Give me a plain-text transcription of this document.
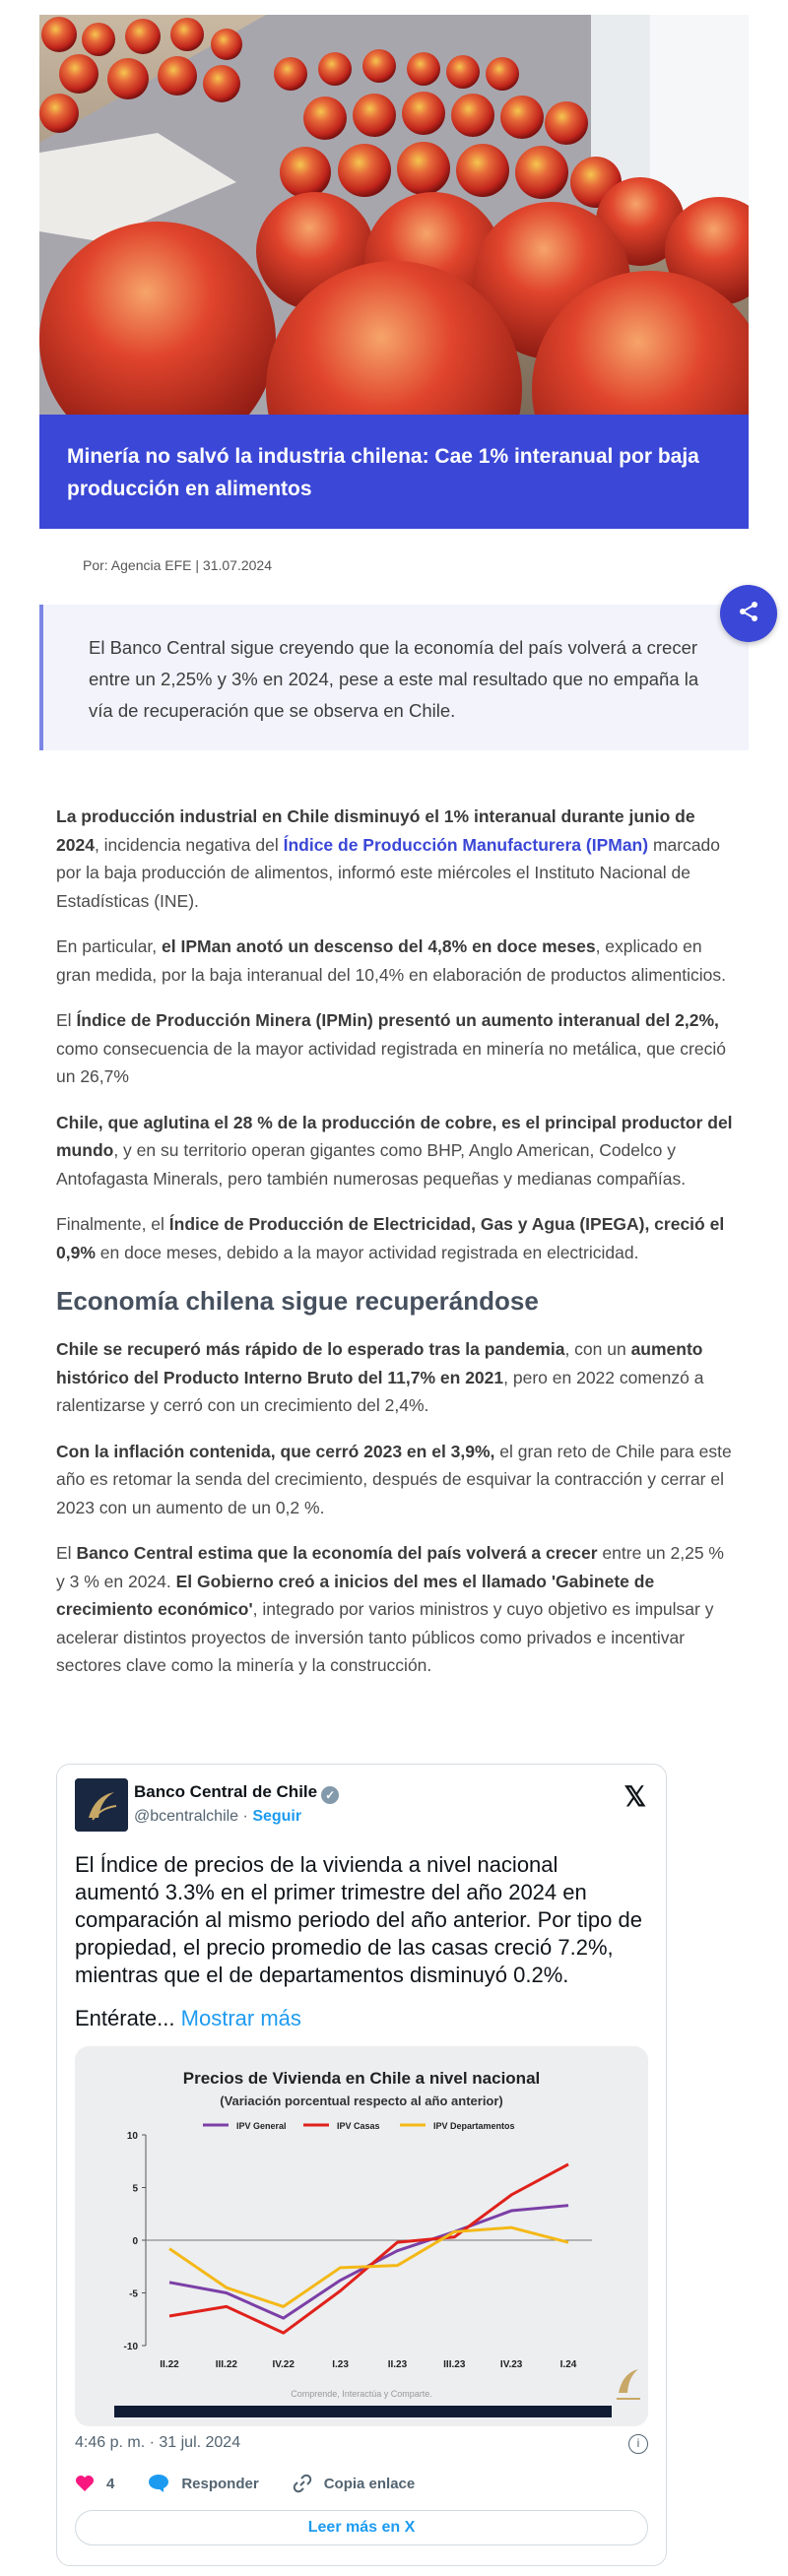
Minería no salvó la industria chilena: Cae 1% interanual por baja producción en alimentos
Por: Agencia EFE | 31.07.2024

El Banco Central sigue creyendo que la economía del país volverá a crecer entre un 2,25% y 3% en 2024, pese a este mal resultado que no empaña la vía de recuperación que se observa en Chile.

La producción industrial en Chile disminuyó el 1% interanual durante junio de 2024, incidencia negativa del Índice de Producción Manufacturera (IPMan) marcado por la baja producción de alimentos, informó este miércoles el Instituto Nacional de Estadísticas (INE).

En particular, el IPMan anotó un descenso del 4,8% en doce meses, explicado en gran medida, por la baja interanual del 10,4% en elaboración de productos alimenticios.

El Índice de Producción Minera (IPMin) presentó un aumento interanual del 2,2%, como consecuencia de la mayor actividad registrada en minería no metálica, que creció un 26,7%

Chile, que aglutina el 28 % de la producción de cobre, es el principal productor del mundo, y en su territorio operan gigantes como BHP, Anglo American, Codelco y Antofagasta Minerals, pero también numerosas pequeñas y medianas compañías.

Finalmente, el Índice de Producción de Electricidad, Gas y Agua (IPEGA), creció el 0,9% en doce meses, debido a la mayor actividad registrada en electricidad.

Economía chilena sigue recuperándose

Chile se recuperó más rápido de lo esperado tras la pandemia, con un aumento histórico del Producto Interno Bruto del 11,7% en 2021, pero en 2022 comenzó a ralentizarse y cerró con un crecimiento del 2,4%.

Con la inflación contenida, que cerró 2023 en el 3,9%, el gran reto de Chile para este año es retomar la senda del crecimiento, después de esquivar la contracción y cerrar el 2023 con un aumento de un 0,2 %.

El Banco Central estima que la economía del país volverá a crecer entre un 2,25 % y 3 % en 2024. El Gobierno creó a inicios del mes el llamado 'Gabinete de crecimiento económico', integrado por varios ministros y cuyo objetivo es impulsar y acelerar distintos proyectos de inversión tanto públicos como privados e incentivar sectores clave como la minería y la construcción.

Banco Central de Chile ✓
@bcentralchile · Seguir
𝕏
El Índice de precios de la vivienda a nivel nacional aumentó 3.3% en el primer trimestre del año 2024 en comparación al mismo periodo del año anterior. Por tipo de propiedad, el precio promedio de las casas creció 7.2%, mientras que el de departamentos disminuyó 0.2%.
Entérate... Mostrar más
Precios de Vivienda en Chile a nivel nacional
(Variación porcentual respecto al año anterior)
IPV General	IPV Casas	IPV Departamentos
10
5
0
-5
-10
II.22	III.22	IV.22	I.23	II.23	III.23	IV.23	I.24
Comprende, Interactúa y Comparte.
4:46 p. m. · 31 jul. 2024	i
4	Responder	Copia enlace
Leer más en X
